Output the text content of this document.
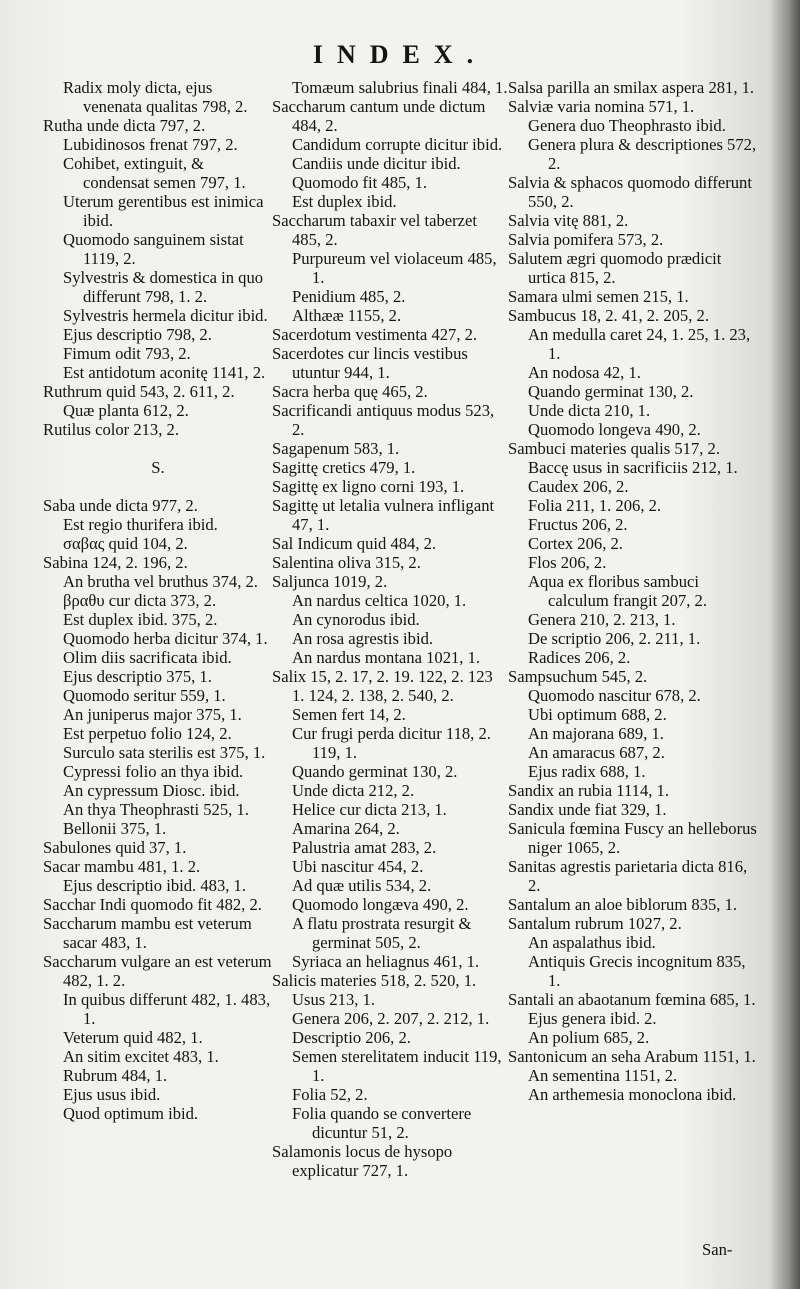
INDEX.
Radix moly dicta, ejus venenata qualitas 798, 2.
Rutha unde dicta 797, 2.
Lubidinosos frenat 797, 2.
Cohibet, extinguit, & condensat semen 797, 1.
Uterum gerentibus est inimica ibid.
Quomodo sanguinem sistat 1119, 2.
Sylvestris & domestica in quo differunt 798, 1. 2.
Sylvestris hermela dicitur ibid.
Ejus descriptio 798, 2.
Fimum odit 793, 2.
Est antidotum aconitę 1141, 2.
Ruthrum quid 543, 2. 611, 2.
Quæ planta 612, 2.
Rutilus color 213, 2.
S.
Saba unde dicta 977, 2.
Est regio thurifera ibid.
σαβας quid 104, 2.
Sabina 124, 2. 196, 2.
An brutha vel bruthus 374, 2.
βραθυ cur dicta 373, 2.
Est duplex ibid. 375, 2.
Quomodo herba dicitur 374, 1.
Olim diis sacrificata ibid.
Ejus descriptio 375, 1.
Quomodo seritur 559, 1.
An juniperus major 375, 1.
Est perpetuo folio 124, 2.
Surculo sata sterilis est 375, 1.
Cypressi folio an thya ibid.
An cypressum Diosc. ibid.
An thya Theophrasti 525, 1.
Bellonii 375, 1.
Sabulones quid 37, 1.
Sacar mambu 481, 1. 2.
Ejus descriptio ibid. 483, 1.
Sacchar Indi quomodo fit 482, 2.
Saccharum mambu est veterum sacar 483, 1.
Saccharum vulgare an est veterum 482, 1. 2.
In quibus differunt 482, 1. 483, 1.
Veterum quid 482, 1.
An sitim excitet 483, 1.
Rubrum 484, 1.
Ejus usus ibid.
Quod optimum ibid.
Tomæum salubrius finali 484, 1.
Saccharum cantum unde dictum 484, 2.
Candidum corrupte dicitur ibid.
Candiis unde dicitur ibid.
Quomodo fit 485, 1.
Est duplex ibid.
Saccharum tabaxir vel taberzet 485, 2.
Purpureum vel violaceum 485, 1.
Penidium 485, 2.
Althææ 1155, 2.
Sacerdotum vestimenta 427, 2.
Sacerdotes cur lincis vestibus utuntur 944, 1.
Sacra herba quę 465, 2.
Sacrificandi antiquus modus 523, 2.
Sagapenum 583, 1.
Sagittę cretics 479, 1.
Sagittę ex ligno corni 193, 1.
Sagittę ut letalia vulnera infligant 47, 1.
Sal Indicum quid 484, 2.
Salentina oliva 315, 2.
Saljunca 1019, 2.
An nardus celtica 1020, 1.
An cynorodus ibid.
An rosa agrestis ibid.
An nardus montana 1021, 1.
Salix 15, 2. 17, 2. 19. 122, 2. 123 1. 124, 2. 138, 2. 540, 2.
Semen fert 14, 2.
Cur frugi perda dicitur 118, 2. 119, 1.
Quando germinat 130, 2.
Unde dicta 212, 2.
Helice cur dicta 213, 1.
Amarina 264, 2.
Palustria amat 283, 2.
Ubi nascitur 454, 2.
Ad quæ utilis 534, 2.
Quomodo longæva 490, 2.
A flatu prostrata resurgit & germinat 505, 2.
Syriaca an heliagnus 461, 1.
Salicis materies 518, 2. 520, 1.
Usus 213, 1.
Genera 206, 2. 207, 2. 212, 1.
Descriptio 206, 2.
Semen sterelitatem inducit 119, 1.
Folia 52, 2.
Folia quando se convertere dicuntur 51, 2.
Salamonis locus de hysopo explicatur 727, 1.
Salsa parilla an smilax aspera 281, 1.
Salviæ varia nomina 571, 1.
Genera duo Theophrasto ibid.
Genera plura & descriptiones 572, 2.
Salvia & sphacos quomodo differunt 550, 2.
Salvia vitę 881, 2.
Salvia pomifera 573, 2.
Salutem ægri quomodo prædicit urtica 815, 2.
Samara ulmi semen 215, 1.
Sambucus 18, 2. 41, 2. 205, 2.
An medulla caret 24, 1. 25, 1. 23, 1.
An nodosa 42, 1.
Quando germinat 130, 2.
Unde dicta 210, 1.
Quomodo longeva 490, 2.
Sambuci materies qualis 517, 2.
Baccę usus in sacrificiis 212, 1.
Caudex 206, 2.
Folia 211, 1. 206, 2.
Fructus 206, 2.
Cortex 206, 2.
Flos 206, 2.
Aqua ex floribus sambuci calculum frangit 207, 2.
Genera 210, 2. 213, 1.
De scriptio 206, 2. 211, 1.
Radices 206, 2.
Sampsuchum 545, 2.
Quomodo nascitur 678, 2.
Ubi optimum 688, 2.
An majorana 689, 1.
An amaracus 687, 2.
Ejus radix 688, 1.
Sandix an rubia 1114, 1.
Sandix unde fiat 329, 1.
Sanicula fœmina Fuscy an helleborus niger 1065, 2.
Sanitas agrestis parietaria dicta 816, 2.
Santalum an aloe biblorum 835, 1.
Santalum rubrum 1027, 2.
An aspalathus ibid.
Antiquis Grecis incognitum 835, 1.
Santali an abaotanum fœmina 685, 1.
Ejus genera ibid. 2.
An polium 685, 2.
Santonicum an seha Arabum 1151, 1.
An sementina 1151, 2.
An arthemesia monoclona ibid.
San-
